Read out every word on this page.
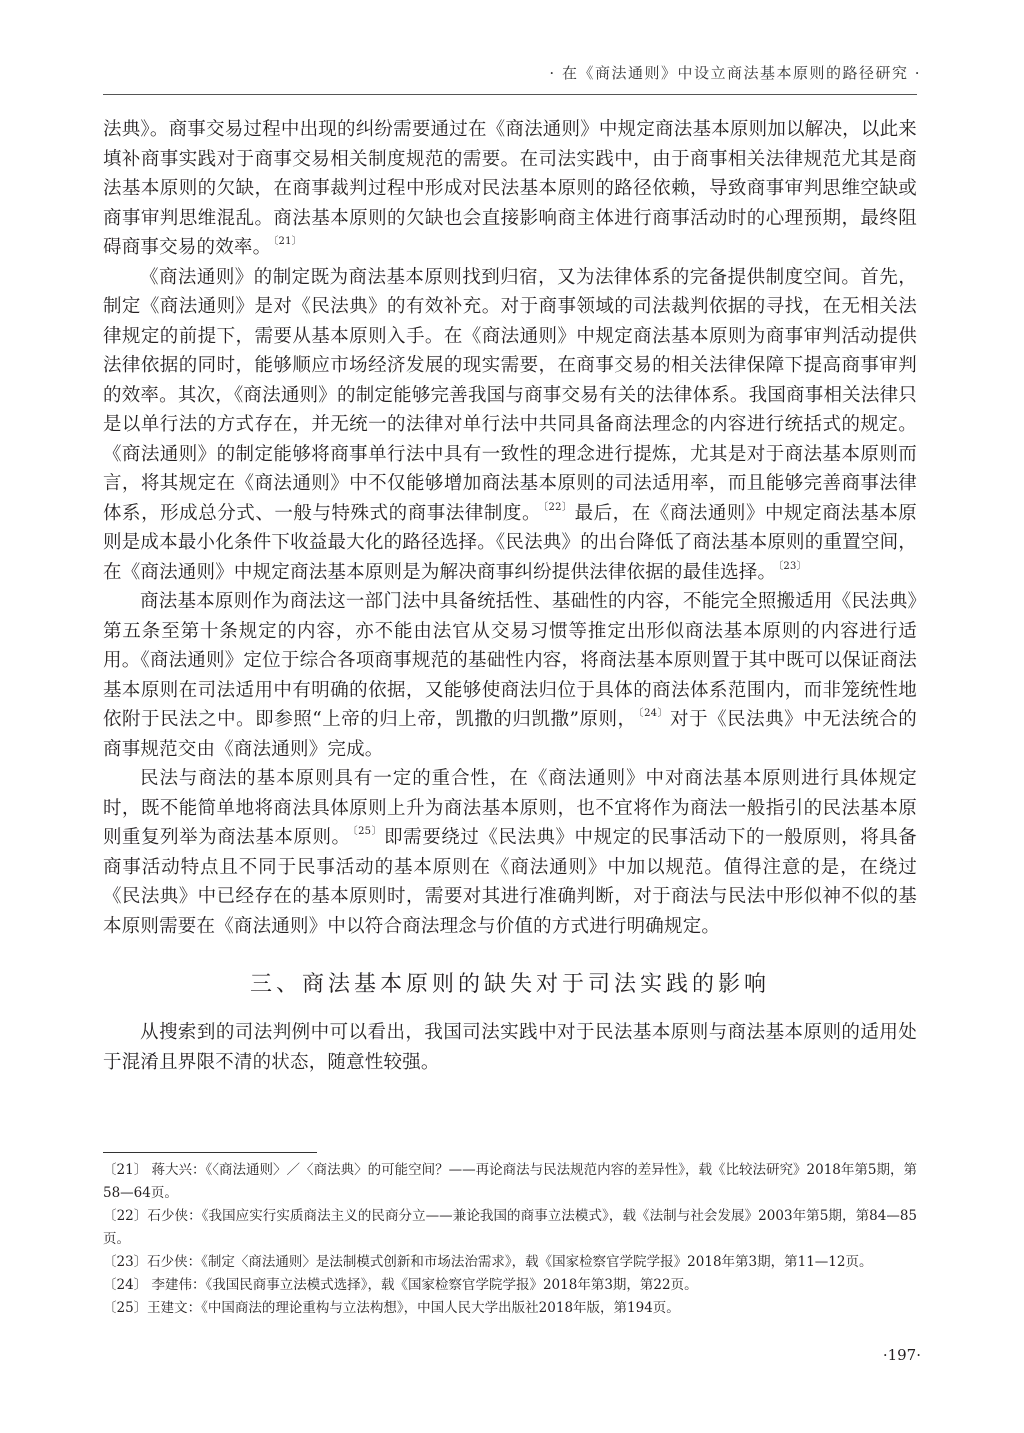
· 在《商法通则》中设立商法基本原则的路径研究 ·

法典》。商事交易过程中出现的纠纷需要通过在《商法通则》中规定商法基本原则加以解决，以此来填补商事实践对于商事交易相关制度规范的需要。在司法实践中，由于商事相关法律规范尤其是商法基本原则的欠缺，在商事裁判过程中形成对民法基本原则的路径依赖，导致商事审判思维空缺或商事审判思维混乱。商法基本原则的欠缺也会直接影响商主体进行商事活动时的心理预期，最终阻碍商事交易的效率。 $^{〔21〕}$

《商法通则》的制定既为商法基本原则找到归宿，又为法律体系的完备提供制度空间。首先，制定《商法通则》是对《民法典》的有效补充。对于商事领域的司法裁判依据的寻找，在无相关法律规定的前提下，需要从基本原则入手。在《商法通则》中规定商法基本原则为商事审判活动提供法律依据的同时，能够顺应市场经济发展的现实需要，在商事交易的相关法律保障下提高商事审判的效率。其次，《商法通则》的制定能够完善我国与商事交易有关的法律体系。我国商事相关法律只是以单行法的方式存在，并无统一的法律对单行法中共同具备商法理念的内容进行统括式的规定。《商法通则》的制定能够将商事单行法中具有一致性的理念进行提炼，尤其是对于商法基本原则而言，将其规定在《商法通则》中不仅能够增加商法基本原则的司法适用率，而且能够完善商事法律体系，形成总分式、一般与特殊式的商事法律制度。 $^{〔22〕}$ 最后，在《商法通则》中规定商法基本原则是成本最小化条件下收益最大化的路径选择。《民法典》的出台降低了商法基本原则的重置空间，在《商法通则》中规定商法基本原则是为解决商事纠纷提供法律依据的最佳选择。 $^{〔23〕}$

商法基本原则作为商法这一部门法中具备统括性、基础性的内容，不能完全照搬适用《民法典》第五条至第十条规定的内容，亦不能由法官从交易习惯等推定出形似商法基本原则的内容进行适用。《商法通则》定位于综合各项商事规范的基础性内容，将商法基本原则置于其中既可以保证商法基本原则在司法适用中有明确的依据，又能够使商法归位于具体的商法体系范围内，而非笼统性地依附于民法之中。即参照“上帝的归上帝，凯撒的归凯撒”原则， $^{〔24〕}$ 对于《民法典》中无法统合的商事规范交由《商法通则》完成。

民法与商法的基本原则具有一定的重合性，在《商法通则》中对商法基本原则进行具体规定时，既不能简单地将商法具体原则上升为商法基本原则，也不宜将作为商法一般指引的民法基本原则重复列举为商法基本原则。 $^{〔25〕}$ 即需要绕过《民法典》中规定的民事活动下的一般原则，将具备商事活动特点且不同于民事活动的基本原则在《商法通则》中加以规范。值得注意的是，在绕过《民法典》中已经存在的基本原则时，需要对其进行准确判断，对于商法与民法中形似神不似的基本原则需要在《商法通则》中以符合商法理念与价值的方式进行明确规定。

三、商法基本原则的缺失对于司法实践的影响

从搜索到的司法判例中可以看出，我国司法实践中对于民法基本原则与商法基本原则的适用处于混淆且界限不清的状态，随意性较强。

〔21〕 蒋大兴：《〈商法通则〉／〈商法典〉的可能空间？——再论商法与民法规范内容的差异性》，载《比较法研究》2018年第5期，第58—64页。

〔22〕石少侠：《我国应实行实质商法主义的民商分立——兼论我国的商事立法模式》，载《法制与社会发展》2003年第5期，第84—85页。

〔23〕石少侠：《制定〈商法通则〉是法制模式创新和市场法治需求》，载《国家检察官学院学报》2018年第3期，第11—12页。

〔24〕 李建伟：《我国民商事立法模式选择》，载《国家检察官学院学报》2018年第3期，第22页。

〔25〕王建文：《中国商法的理论重构与立法构想》，中国人民大学出版社2018年版，第194页。

·197·
